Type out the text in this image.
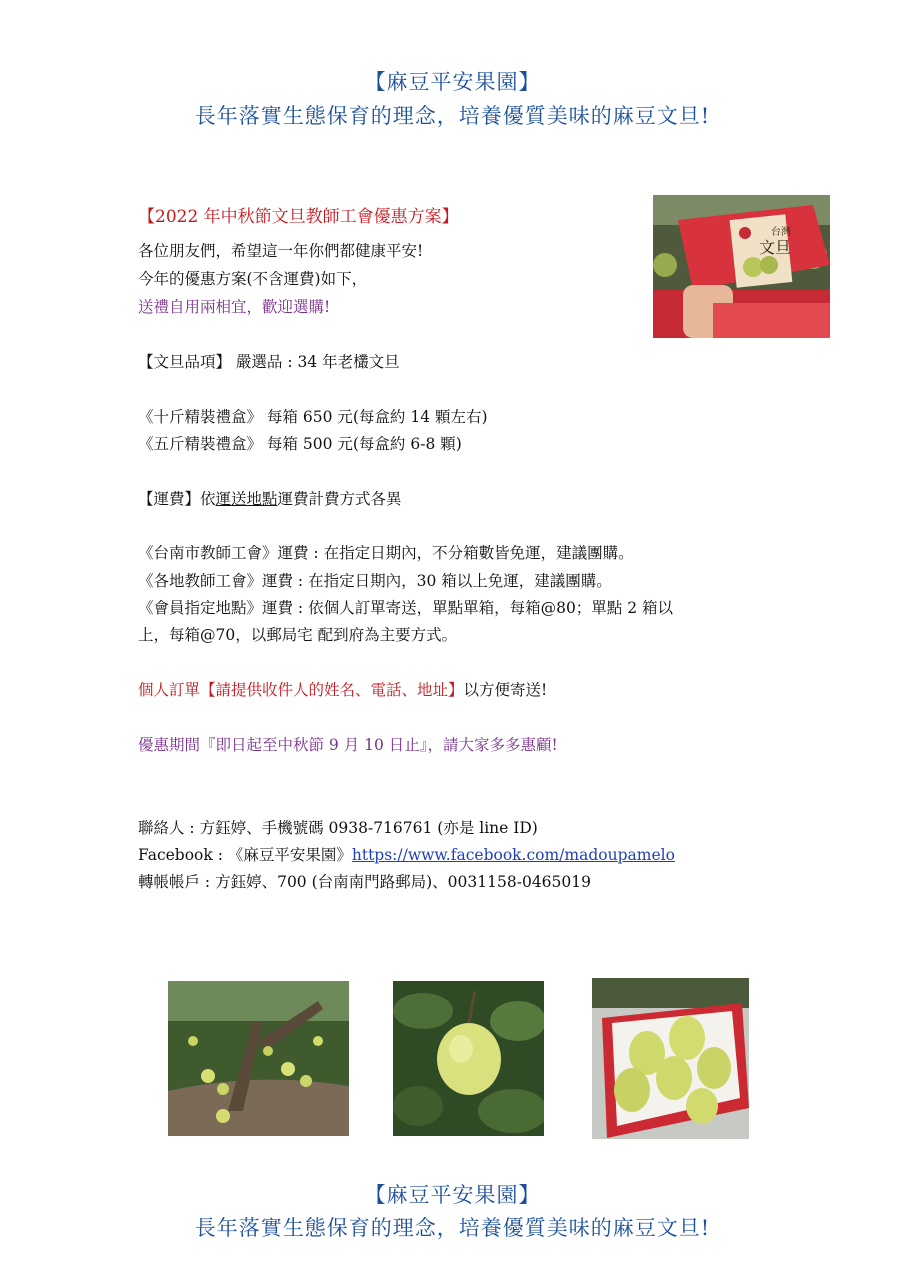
【麻豆平安果園】
長年落實生態保育的理念，培養優質美味的麻豆文旦!
【2022 年中秋節文旦教師工會優惠方案】
台灣
文旦
各位朋友們，希望這一年你們都健康平安!
今年的優惠方案(不含運費)如下，
送禮自用兩相宜，歡迎選購!
【文旦品項】 嚴選品 : 34 年老欉文旦
《十斤精裝禮盒》 每箱 650 元(每盒約 14 顆左右)
《五斤精裝禮盒》 每箱 500 元(每盒約 6-8 顆)
【運費】依運送地點運費計費方式各異
《台南市教師工會》運費 : 在指定日期內，不分箱數皆免運，建議團購。
《各地教師工會》運費 : 在指定日期內，30 箱以上免運，建議團購。
《會員指定地點》運費 : 依個人訂單寄送，單點單箱，每箱@80；單點 2 箱以
上，每箱@70，以郵局宅 配到府為主要方式。
個人訂單【請提供收件人的姓名、電話、地址】以方便寄送!
優惠期間『即日起至中秋節 9 月 10 日止』，請大家多多惠顧!
聯絡人 : 方鈺婷、手機號碼 0938-716761 (亦是 line ID)
Facebook : 《麻豆平安果園》https://www.facebook.com/madoupamelo
轉帳帳戶 : 方鈺婷、700 (台南南門路郵局)、0031158-0465019
【麻豆平安果園】
長年落實生態保育的理念，培養優質美味的麻豆文旦!
